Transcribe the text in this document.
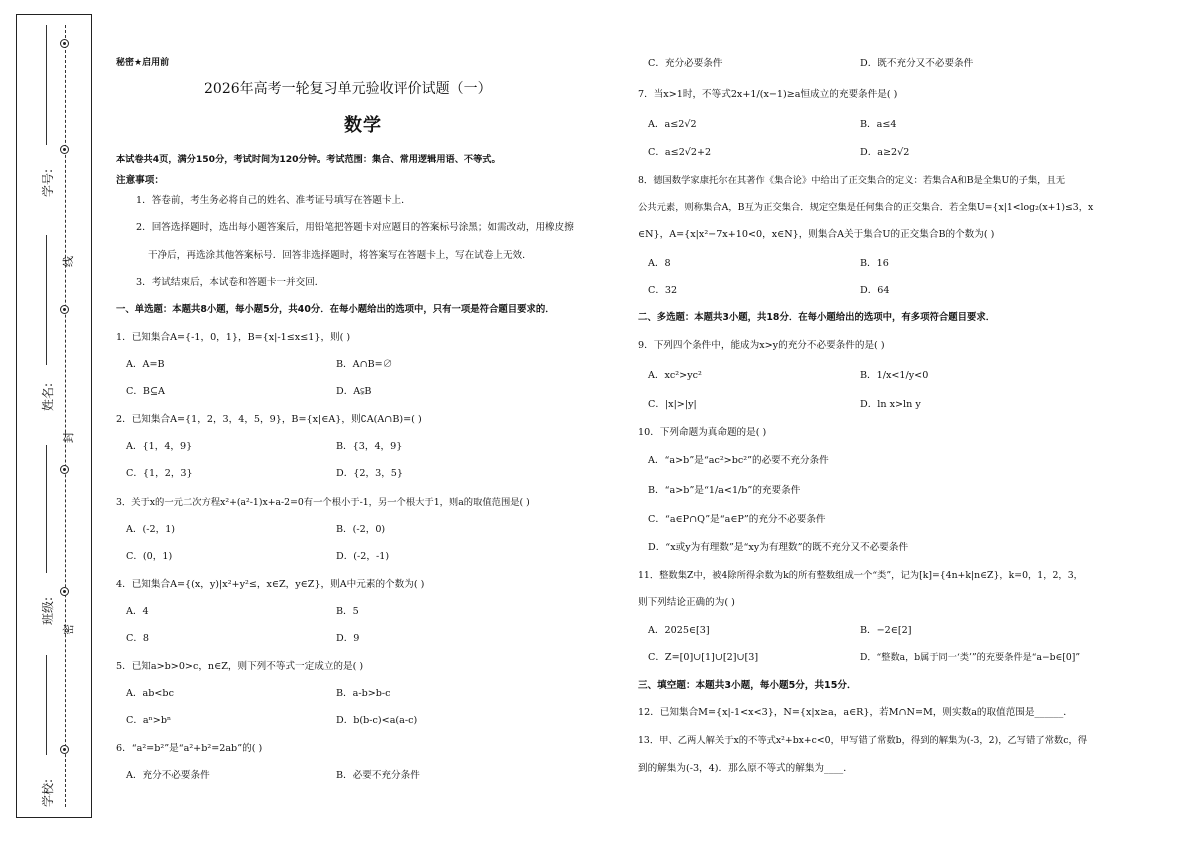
线
封
密
学号:
姓名:
班级:
学校:
秘密★启用前
2026年高考一轮复习单元验收评价试题（一）
数学
本试卷共4页，满分150分，考试时间为120分钟。考试范围：集合、常用逻辑用语、不等式。
注意事项：
1．答卷前，考生务必将自己的姓名、准考证号填写在答题卡上．
2．回答选择题时，选出每小题答案后，用铅笔把答题卡对应题目的答案标号涂黑；如需改动，用橡皮擦
干净后，再选涂其他答案标号．回答非选择题时，将答案写在答题卡上，写在试卷上无效．
3．考试结束后，本试卷和答题卡一并交回．
一、单选题：本题共8小题，每小题5分，共40分．在每小题给出的选项中，只有一项是符合题目要求的．
1．已知集合A={-1，0，1}，B={x|-1≤x≤1}，则( )
A．A=B	B．A∩B=∅
C．B⊆A	D．A⫋B
2．已知集合A={1，2，3，4，5，9}，B={x|∈A}，则∁A(A∩B)=( )
A．{1，4，9}	B．{3，4，9}
C．{1，2，3}	D．{2，3，5}
3．关于x的一元二次方程x²+(a²-1)x+a-2=0有一个根小于-1，另一个根大于1，则a的取值范围是( )
A．(-2，1)	B．(-2，0)
C．(0，1)	D．(-2，-1)
4．已知集合A={(x，y)|x²+y²≤，x∈Z，y∈Z}，则A中元素的个数为( )
A．4	B．5
C．8	D．9
5．已知a>b>0>c，n∈Z，则下列不等式一定成立的是( )
A．ab<bc	B．a-b>b-c
C．aⁿ>bⁿ	D．b(b-c)<a(a-c)
6．“a²=b²”是“a²+b²=2ab”的( )
A．充分不必要条件	B．必要不充分条件
C．充分必要条件	D．既不充分又不必要条件
7．当x>1时，不等式2x+1/(x−1)≥a恒成立的充要条件是( )
A．a≤2√2	B．a≤4
C．a≤2√2+2	D．a≥2√2
8．德国数学家康托尔在其著作《集合论》中给出了正交集合的定义：若集合A和B是全集U的子集，且无
公共元素，则称集合A，B互为正交集合．规定空集是任何集合的正交集合．若全集U={x|1<log₂(x+1)≤3，x
∈N}，A={x|x²−7x+10<0，x∈N}，则集合A关于集合U的正交集合B的个数为( )
A．8	B．16
C．32	D．64
二、多选题：本题共3小题，共18分．在每小题给出的选项中，有多项符合题目要求．
9．下列四个条件中，能成为x>y的充分不必要条件的是( )
A．xc²>yc²	B．1/x<1/y<0
C．|x|>|y|	D．ln x>ln y
10．下列命题为真命题的是( )
A．“a>b”是“ac²>bc²”的必要不充分条件
B．“a>b”是“1/a<1/b”的充要条件
C．“a∈P∩Q”是“a∈P”的充分不必要条件
D．“x或y为有理数”是“xy为有理数”的既不充分又不必要条件
11．整数集Z中，被4除所得余数为k的所有整数组成一个“类”，记为[k]={4n+k|n∈Z}，k=0，1，2，3，
则下列结论正确的为( )
A．2025∈[3]	B．−2∈[2]
C．Z=[0]∪[1]∪[2]∪[3]	D．“整数a，b属于同一‘类’”的充要条件是“a−b∈[0]”
三、填空题：本题共3小题，每小题5分，共15分．
12．已知集合M={x|-1<x<3}，N={x|x≥a，a∈R}，若M∩N=M，则实数a的取值范围是______．
13．甲、乙两人解关于x的不等式x²+bx+c<0，甲写错了常数b，得到的解集为(-3，2)，乙写错了常数c，得
到的解集为(-3，4)．那么原不等式的解集为____．
